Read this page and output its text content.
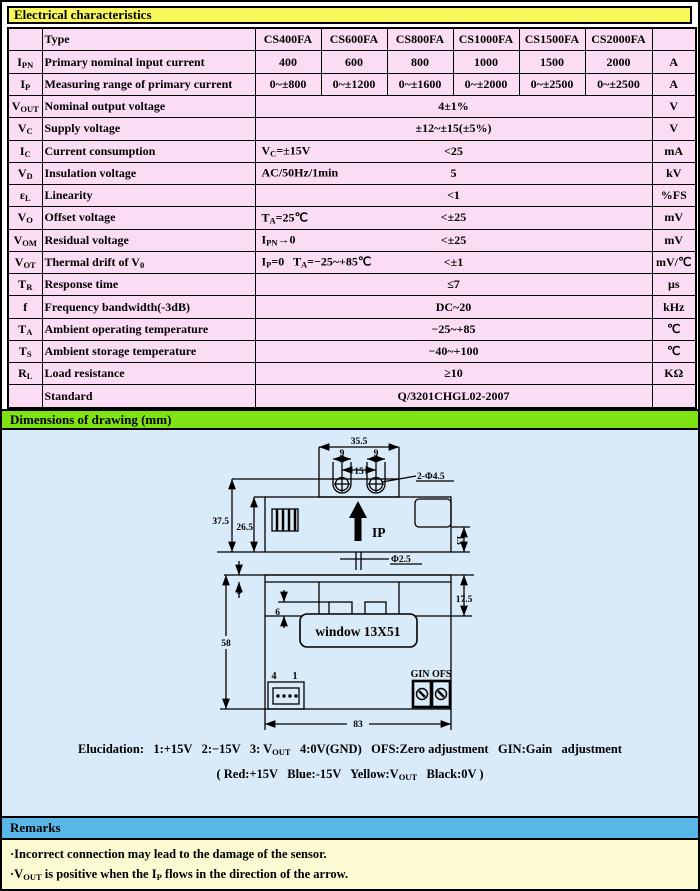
Electrical characteristics
	Type	CS400FA	CS600FA	CS800FA	CS1000FA	CS1500FA	CS2000FA	
$I_{PN}$	Primary nominal input current	400	600	800	1000	1500	2000	A
$I_P$	Measuring range of primary current	0~±800	0~±1200	0~±1600	0~±2000	0~±2500	0~±2500	A
$V_{OUT}$	Nominal output voltage	4±1%						V
$V_C$	Supply voltage	±12~±15(±5%)						V
$I_C$	Current consumption	$V_C=\pm 15V <25$						mA
$V_D$	Insulation voltage	AC/50Hz/1min 5						kV
$\varepsilon_L$	Linearity	<1						%FS
$V_O$	Offset voltage	$T_A=25℃ <\pm 25$						mV
$V_{OM}$	Residual voltage	$I_{PN}\to 0 <\pm 25$						mV
$V_{OT}$	Thermal drift of $V_0$	$I_P=0$   $T_A=-25\sim+85℃ <\pm 1$						mV/℃
$T_R$	Response time	≤7						µs
f	Frequency bandwidth(-3dB)	DC~20						kHz
$T_A$	Ambient operating temperature	−25~+85						℃
$T_S$	Ambient storage temperature	−40~+100						℃
$R_L$	Load resistance	≥10						KΩ
	Standard	Q/3201CHGL02-2007						
Dimensions of drawing (mm)
35.5
9	9
15	2-Φ4.5
37.5
26.5
13
IP
Φ2.5
3
6
58
17.5
window 13X51
4 1	GIN OFS
83
Elucidation:   1:+15V   2:−15V   3: $V_{OUT}$   4:0V(GND)   OFS:Zero adjustment   GIN:Gain   adjustment
( Red:+15V   Blue:-15V   $Yellow:V_{OUT}$   Black:0V )
Remarks
·Incorrect connection may lead to the damage of the sensor.
$\cdot V_{OUT}$ is positive when the $I_P$ flows in the direction of the arrow.
